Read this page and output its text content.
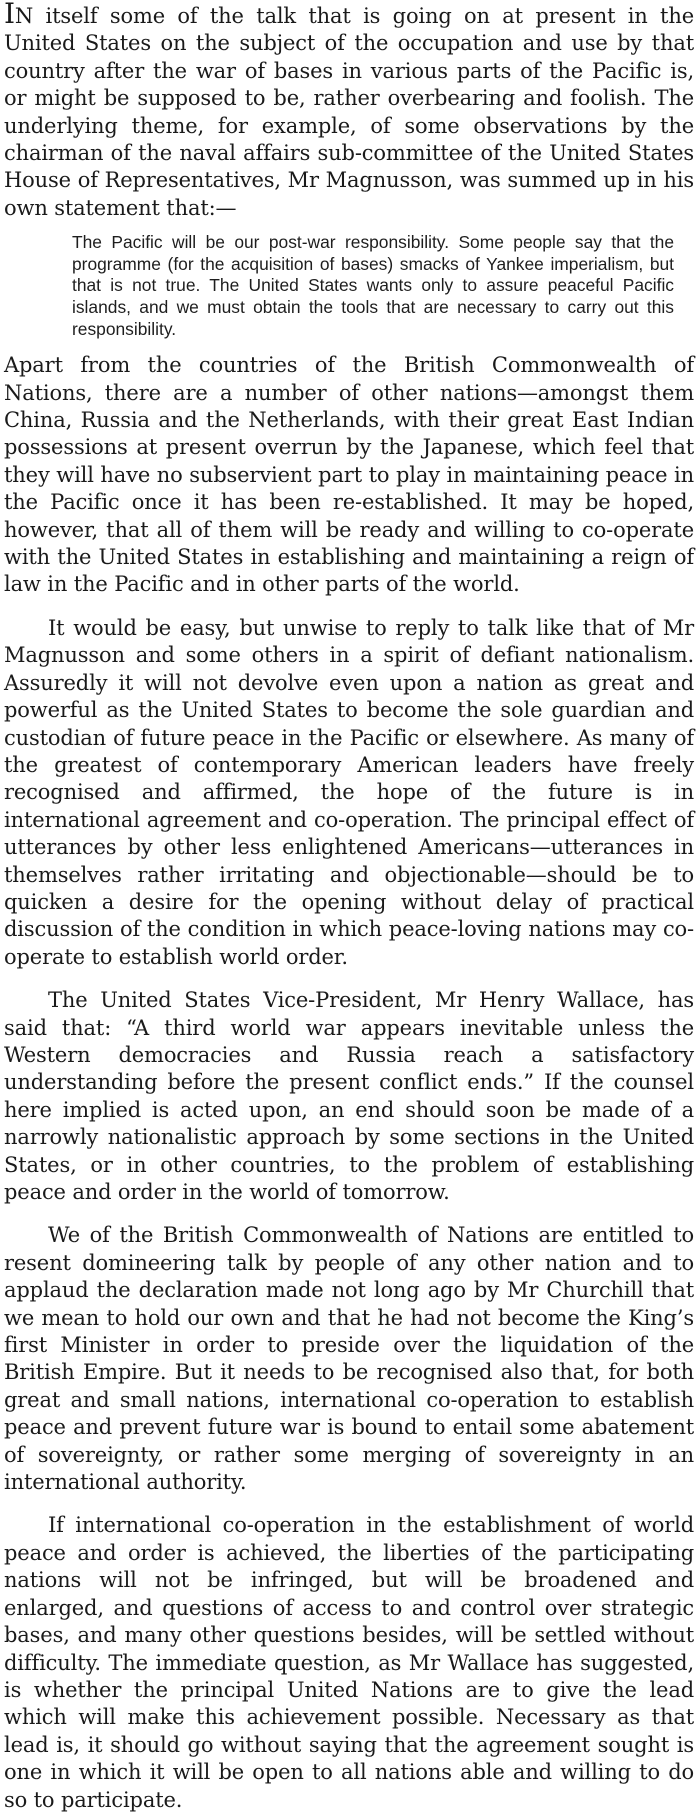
IN itself some of the talk that is going on at present in the United States on the subject of the occupation and use by that country after the war of bases in various parts of the Pacific is, or might be supposed to be, rather overbearing and foolish. The underlying theme, for example, of some observations by the chairman of the naval affairs sub-committee of the United States House of Representatives, Mr Magnusson, was summed up in his own statement that:—

The Pacific will be our post-war responsibility. Some people say that the programme (for the acquisition of bases) smacks of Yankee imperialism, but that is not true. The United States wants only to assure peaceful Pacific islands, and we must obtain the tools that are necessary to carry out this responsibility.

Apart from the countries of the British Commonwealth of Nations, there are a number of other nations—amongst them China, Russia and the Netherlands, with their great East Indian possessions at present overrun by the Japanese, which feel that they will have no subservient part to play in maintaining peace in the Pacific once it has been re-established. It may be hoped, however, that all of them will be ready and willing to co-operate with the United States in establishing and maintaining a reign of law in the Pacific and in other parts of the world.

It would be easy, but unwise to reply to talk like that of Mr Magnusson and some others in a spirit of defiant nationalism. Assuredly it will not devolve even upon a nation as great and powerful as the United States to become the sole guardian and custodian of future peace in the Pacific or elsewhere. As many of the greatest of contemporary American leaders have freely recognised and affirmed, the hope of the future is in international agreement and co-operation. The principal effect of utterances by other less enlightened Americans—utterances in themselves rather irritating and objectionable—should be to quicken a desire for the opening without delay of practical discussion of the condition in which peace-loving nations may co-operate to establish world order.

The United States Vice-President, Mr Henry Wallace, has said that: “A third world war appears inevitable unless the Western democracies and Russia reach a satisfactory understanding before the present conflict ends.” If the counsel here implied is acted upon, an end should soon be made of a narrowly nationalistic approach by some sections in the United States, or in other countries, to the problem of establishing peace and order in the world of tomorrow.

We of the British Commonwealth of Nations are entitled to resent domineering talk by people of any other nation and to applaud the declaration made not long ago by Mr Churchill that we mean to hold our own and that he had not become the King’s first Minister in order to preside over the liquidation of the British Empire. But it needs to be recognised also that, for both great and small nations, international co-operation to establish peace and prevent future war is bound to entail some abatement of sovereignty, or rather some merging of sovereignty in an international authority.

If international co-operation in the establishment of world peace and order is achieved, the liberties of the participating nations will not be infringed, but will be broadened and enlarged, and questions of access to and control over strategic bases, and many other questions besides, will be settled without difficulty. The immediate question, as Mr Wallace has suggested, is whether the principal United Nations are to give the lead which will make this achievement possible. Necessary as that lead is, it should go without saying that the agreement sought is one in which it will be open to all nations able and willing to do so to participate.
